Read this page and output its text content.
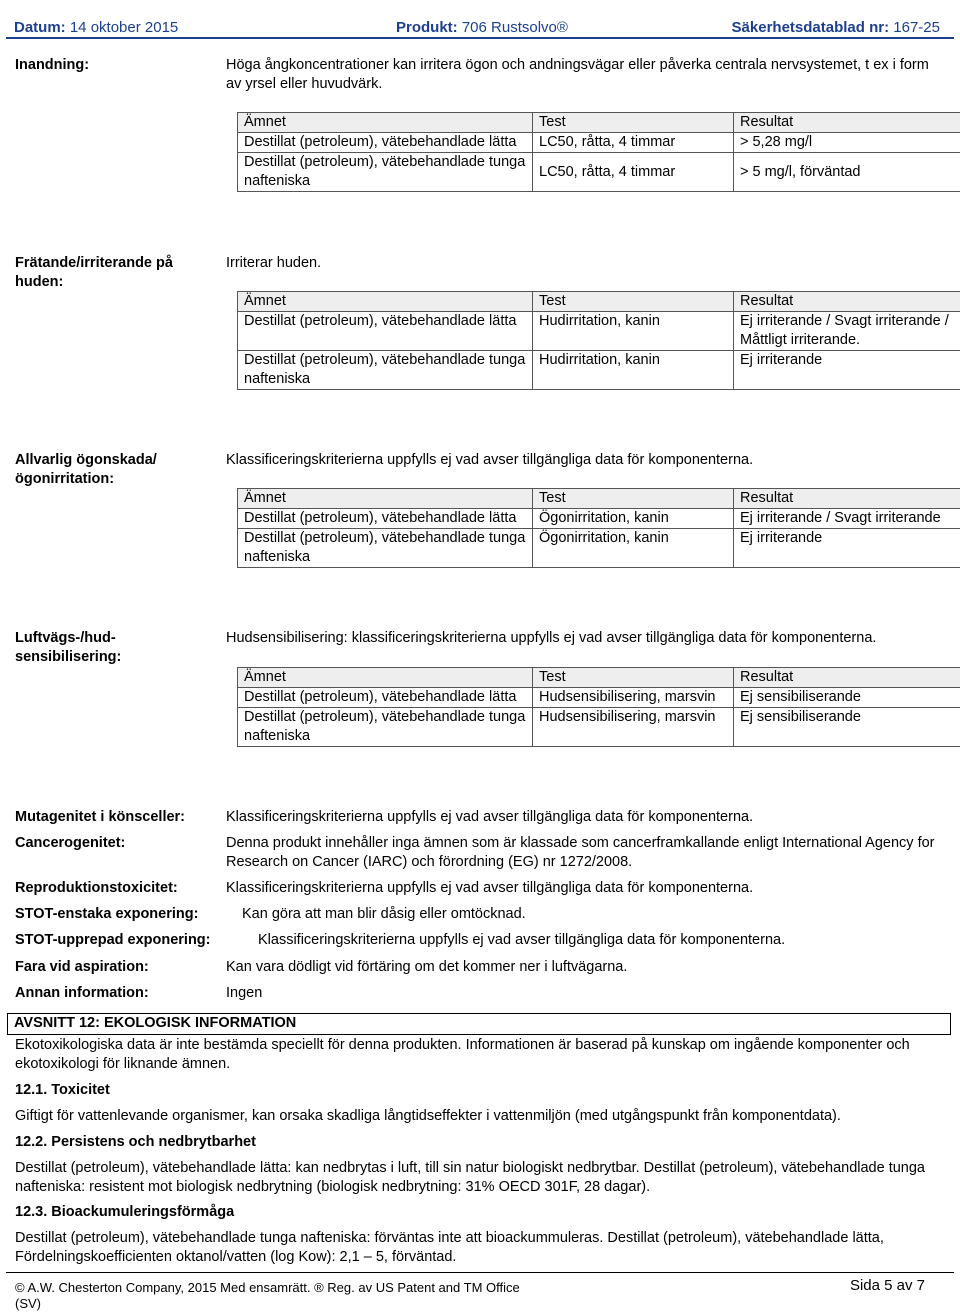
Datum: 14 oktober 2015	Produkt: 706 Rustsolvo®	Säkerhetsdatablad nr: 167-25
Inandning:	Höga ångkoncentrationer kan irritera ögon och andningsvägar eller påverka centrala nervsystemet, t ex i form av yrsel eller huvudvärk.
Ämnet	Test	Resultat
Destillat (petroleum), vätebehandlade lätta	LC50, råtta, 4 timmar	> 5,28 mg/l
Destillat (petroleum), vätebehandlade tunga nafteniska	LC50, råtta, 4 timmar	> 5 mg/l, förväntad
Frätande/irriterande på
huden:
Irriterar huden.
Ämnet	Test	Resultat
Destillat (petroleum), vätebehandlade lätta	Hudirritation, kanin	Ej irriterande / Svagt irriterande / Måttligt irriterande.
Destillat (petroleum), vätebehandlade tunga nafteniska	Hudirritation, kanin	Ej irriterande
Allvarlig ögonskada/
ögonirritation:
Klassificeringskriterierna uppfylls ej vad avser tillgängliga data för komponenterna.
Ämnet	Test	Resultat
Destillat (petroleum), vätebehandlade lätta	Ögonirritation, kanin	Ej irriterande / Svagt irriterande
Destillat (petroleum), vätebehandlade tunga nafteniska	Ögonirritation, kanin	Ej irriterande
Luftvägs-/hud-
sensibilisering:
Hudsensibilisering: klassificeringskriterierna uppfylls ej vad avser tillgängliga data för komponenterna.
Ämnet	Test	Resultat
Destillat (petroleum), vätebehandlade lätta	Hudsensibilisering, marsvin	Ej sensibiliserande
Destillat (petroleum), vätebehandlade tunga nafteniska	Hudsensibilisering, marsvin	Ej sensibiliserande
Mutagenitet i könsceller:	Klassificeringskriterierna uppfylls ej vad avser tillgängliga data för komponenterna.
Cancerogenitet:	Denna produkt innehåller inga ämnen som är klassade som cancerframkallande enligt International Agency for Research on Cancer (IARC) och förordning (EG) nr 1272/2008.
Reproduktionstoxicitet:	Klassificeringskriterierna uppfylls ej vad avser tillgängliga data för komponenterna.
STOT-enstaka exponering:	Kan göra att man blir dåsig eller omtöcknad.
STOT-upprepad exponering:	Klassificeringskriterierna uppfylls ej vad avser tillgängliga data för komponenterna.
Fara vid aspiration:	Kan vara dödligt vid förtäring om det kommer ner i luftvägarna.
Annan information:	Ingen
AVSNITT 12: EKOLOGISK INFORMATION
Ekotoxikologiska data är inte bestämda speciellt för denna produkten. Informationen är baserad på kunskap om ingående komponenter och ekotoxikologi för liknande ämnen.
12.1. Toxicitet
Giftigt för vattenlevande organismer, kan orsaka skadliga långtidseffekter i vattenmiljön (med utgångspunkt från komponentdata).
12.2. Persistens och nedbrytbarhet
Destillat (petroleum), vätebehandlade lätta: kan nedbrytas i luft, till sin natur biologiskt nedbrytbar. Destillat (petroleum), vätebehandlade tunga nafteniska: resistent mot biologisk nedbrytning (biologisk nedbrytning: 31% OECD 301F, 28 dagar).
12.3. Bioackumuleringsförmåga
Destillat (petroleum), vätebehandlade tunga nafteniska: förväntas inte att bioackummuleras. Destillat (petroleum), vätebehandlade lätta, Fördelningskoefficienten oktanol/vatten (log Kow): 2,1 – 5, förväntad.
© A.W. Chesterton Company, 2015 Med ensamrätt. ® Reg. av US Patent and TM Office
(SV)
Sida 5 av 7
